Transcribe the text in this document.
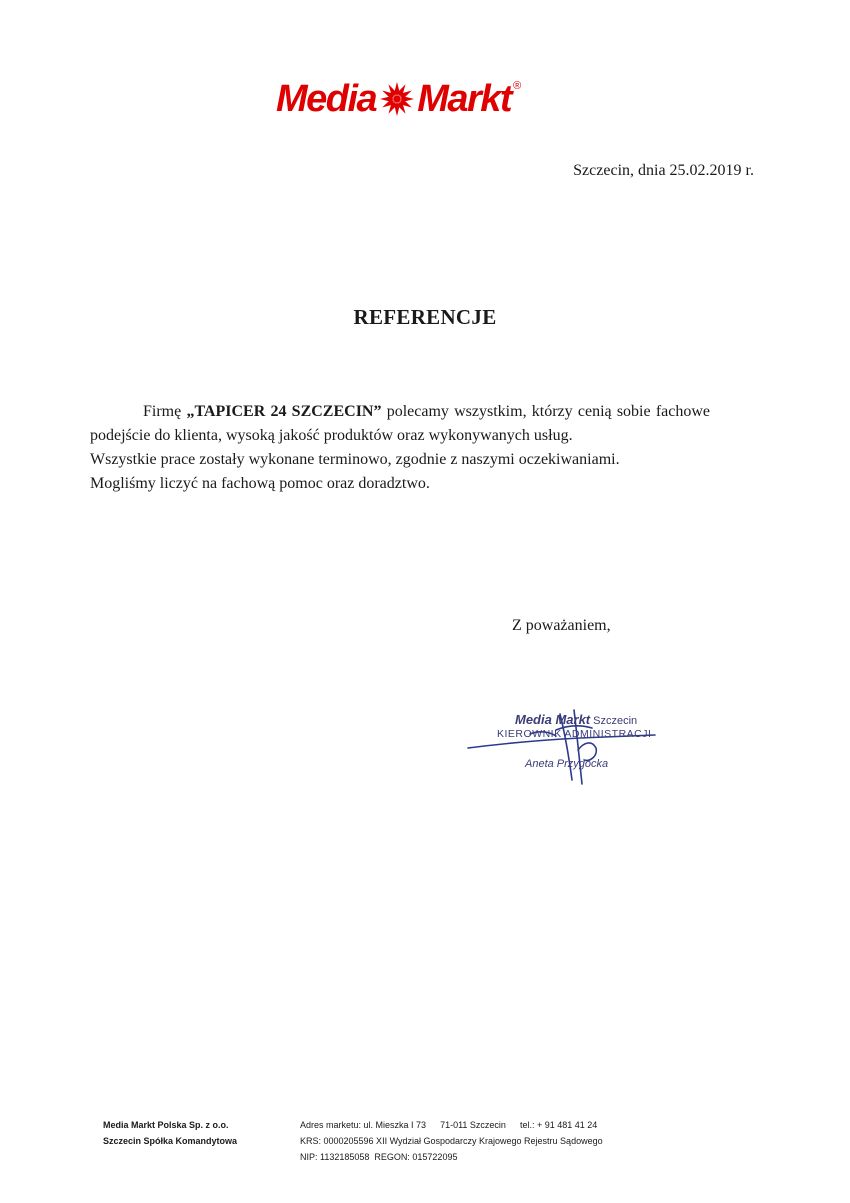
Media Markt ®
Szczecin, dnia 25.02.2019 r.
REFERENCJE

Firmę „TAPICER 24 SZCZECIN” polecamy wszystkim, którzy cenią sobie fachowe podejście do klienta, wysoką jakość produktów oraz wykonywanych usług.

Wszystkie prace zostały wykonane terminowo, zgodnie z naszymi oczekiwaniami.

Mogliśmy liczyć na fachową pomoc oraz doradztwo.

Z poważaniem,
Media Markt Szczecin
KIEROWNIK ADMINISTRACJI
Aneta Przygocka
Media Markt Polska Sp. z o.o.
Szczecin Spółka Komandytowa
Adres marketu: ul. Mieszka I 73 71-011 Szczecin tel.: + 91 481 41 24
KRS: 0000205596 XII Wydział Gospodarczy Krajowego Rejestru Sądowego
NIP: 1132185058 REGON: 015722095
